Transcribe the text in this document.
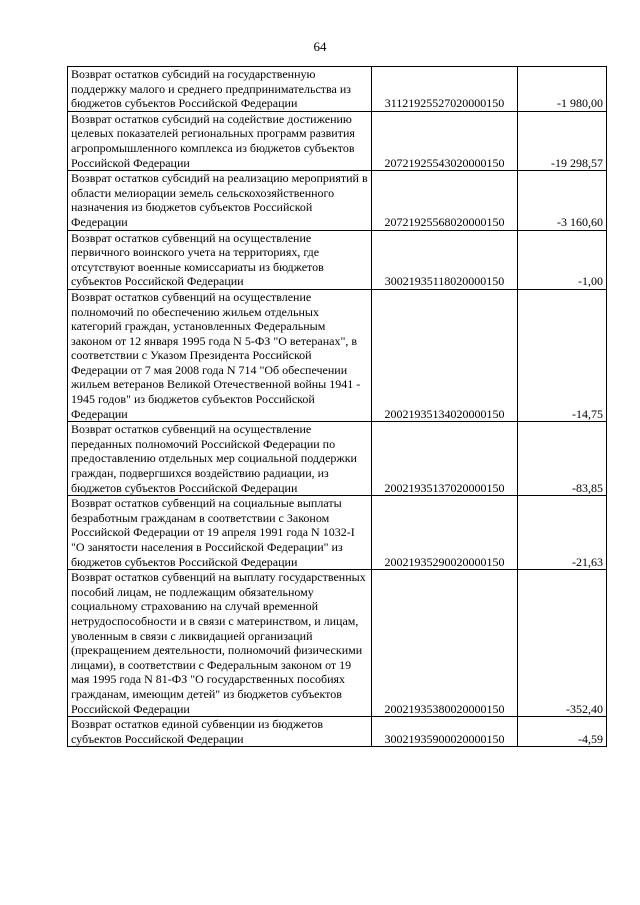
64
Возврат остатков субсидий на государственную поддержку малого и среднего предпринимательства из бюджетов субъектов Российской Федерации	31121925527020000150	-1 980,00
Возврат остатков субсидий на содействие достижению целевых показателей региональных программ развития агропромышленного комплекса из бюджетов субъектов Российской Федерации	20721925543020000150	-19 298,57
Возврат остатков субсидий на реализацию мероприятий в области мелиорации земель сельскохозяйственного назначения из бюджетов субъектов Российской Федерации	20721925568020000150	-3 160,60
Возврат остатков субвенций на осуществление первичного воинского учета на территориях, где отсутствуют военные комиссариаты из бюджетов субъектов Российской Федерации	30021935118020000150	-1,00
Возврат остатков субвенций на осуществление полномочий по обеспечению жильем отдельных категорий граждан, установленных Федеральным законом от 12 января 1995 года N 5-ФЗ "О ветеранах", в соответствии с Указом Президента Российской Федерации от 7 мая 2008 года N 714 "Об обеспечении жильем ветеранов Великой Отечественной войны 1941 - 1945 годов" из бюджетов субъектов Российской Федерации	20021935134020000150	-14,75
Возврат остатков субвенций на осуществление переданных полномочий Российской Федерации по предоставлению отдельных мер социальной поддержки граждан, подвергшихся воздействию радиации, из бюджетов субъектов Российской Федерации	20021935137020000150	-83,85
Возврат остатков субвенций на социальные выплаты безработным гражданам в соответствии с Законом Российской Федерации от 19 апреля 1991 года N 1032-I "О занятости населения в Российской Федерации" из бюджетов субъектов Российской Федерации	20021935290020000150	-21,63
Возврат остатков субвенций на выплату государственных пособий лицам, не подлежащим обязательному социальному страхованию на случай временной нетрудоспособности и в связи с материнством, и лицам, уволенным в связи с ликвидацией организаций (прекращением деятельности, полномочий физическими лицами), в соответствии с Федеральным законом от 19 мая 1995 года N 81-ФЗ "О государственных пособиях гражданам, имеющим детей" из бюджетов субъектов Российской Федерации	20021935380020000150	-352,40
Возврат остатков единой субвенции из бюджетов субъектов Российской Федерации	30021935900020000150	-4,59
